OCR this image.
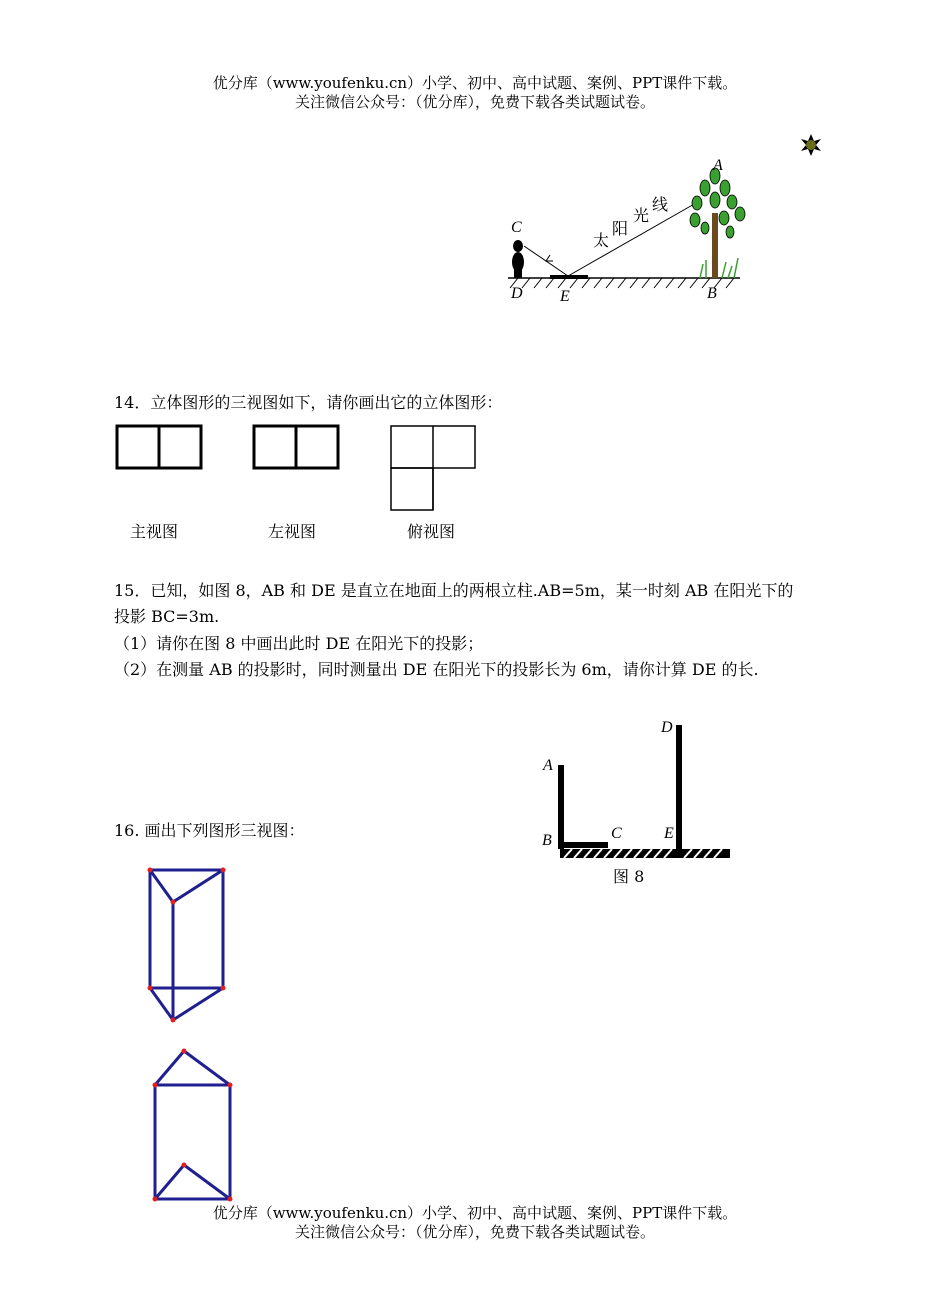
优分库（www.youfenku.cn）小学、初中、高中试题、案例、PPT课件下载。
关注微信公众号：（优分库），免费下载各类试题试卷。
A
B
C
D E
太
阳
光
线
14．立体图形的三视图如下，请你画出它的立体图形：
主视图	左视图	俯视图
15．已知，如图 8，AB 和 DE 是直立在地面上的两根立柱.AB=5m，某一时刻 AB 在阳光下的
投影 BC=3m.
（1）请你在图 8 中画出此时 DE 在阳光下的投影；
（2）在测量 AB 的投影时，同时测量出 DE 在阳光下的投影长为 6m，请你计算 DE 的长.
A
B	C
D
E
图 8
16. 画出下列图形三视图：
优分库（www.youfenku.cn）小学、初中、高中试题、案例、PPT课件下载。
关注微信公众号：（优分库），免费下载各类试题试卷。
